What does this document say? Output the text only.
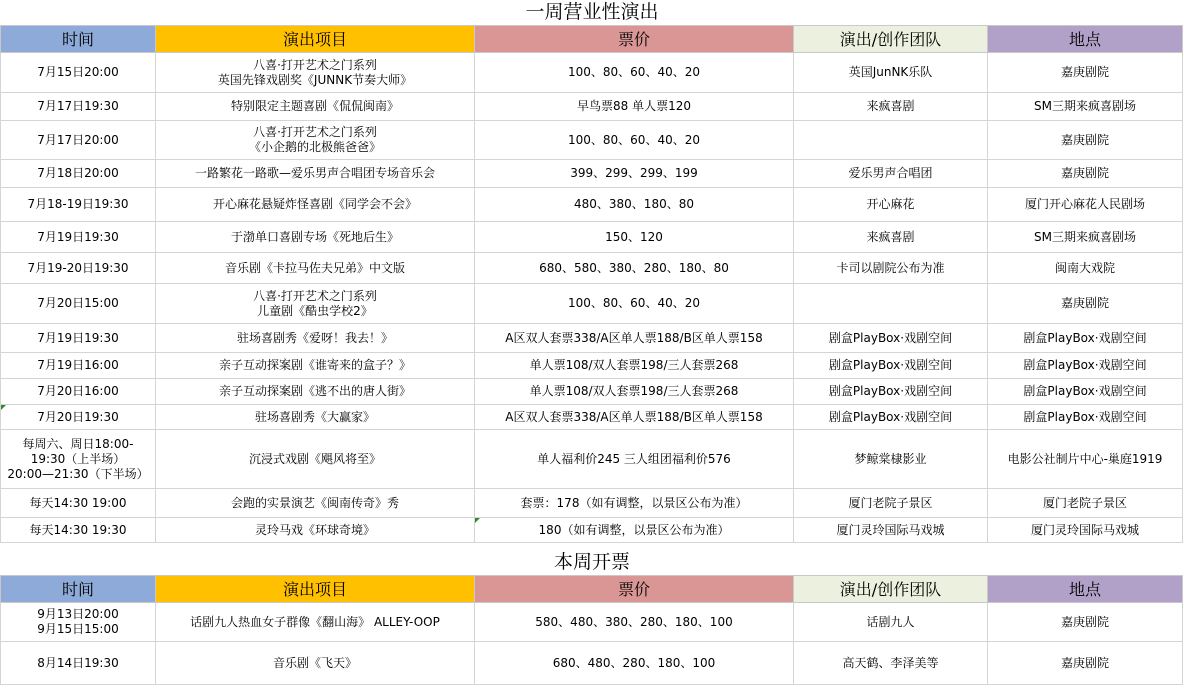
一周营业性演出
时间	演出项目	票价	演出/创作团队	地点

7月15日20:00	八喜·打开艺术之门系列
英国先锋戏剧奖《JUNNK节奏大师》	100、80、60、40、20	英国JunNK乐队	嘉庚剧院

7月17日19:30	特别限定主题喜剧《侃侃闽南》	早鸟票88 单人票120	来疯喜剧	SM三期来疯喜剧场

7月17日20:00	八喜·打开艺术之门系列
《小企鹅的北极熊爸爸》	100、80、60、40、20		嘉庚剧院

7月18日20:00	一路繁花一路歌—爱乐男声合唱团专场音乐会	399、299、299、199	爱乐男声合唱团	嘉庚剧院

7月18-19日19:30	开心麻花悬疑炸怪喜剧《同学会不会》	480、380、180、80	开心麻花	厦门开心麻花人民剧场

7月19日19:30	于渤单口喜剧专场《死地后生》	150、120	来疯喜剧	SM三期来疯喜剧场

7月19-20日19:30	音乐剧《卡拉马佐夫兄弟》中文版	680、580、380、280、180、80	卡司以剧院公布为准	闽南大戏院

7月20日15:00	八喜·打开艺术之门系列
儿童剧《酷虫学校2》	100、80、60、40、20		嘉庚剧院

7月19日19:30	驻场喜剧秀《爱呀！我去！》	A区双人套票338/A区单人票188/B区单人票158	剧盒PlayBox·戏剧空间	剧盒PlayBox·戏剧空间

7月19日16:00	亲子互动探案剧《谁寄来的盒子？》	单人票108/双人套票198/三人套票268	剧盒PlayBox·戏剧空间	剧盒PlayBox·戏剧空间

7月20日16:00	亲子互动探案剧《逃不出的唐人街》	单人票108/双人套票198/三人套票268	剧盒PlayBox·戏剧空间	剧盒PlayBox·戏剧空间

7月20日19:30	驻场喜剧秀《大赢家》	A区双人套票338/A区单人票188/B区单人票158	剧盒PlayBox·戏剧空间	剧盒PlayBox·戏剧空间

每周六、周日18:00-
19:30（上半场）
20:00—21:30（下半场）	沉浸式戏剧《飓风将至》	单人福利价245 三人组团福利价576	梦鲸棠棣影业	电影公社制片中心-巢庭1919

每天14:30 19:00	会跑的实景演艺《闽南传奇》秀	套票：178（如有调整，以景区公布为准）	厦门老院子景区	厦门老院子景区

每天14:30 19:30	灵玲马戏《环球奇境》	180（如有调整，以景区公布为准）	厦门灵玲国际马戏城	厦门灵玲国际马戏城
本周开票
时间	演出项目	票价	演出/创作团队	地点

9月13日20:00
9月15日15:00	话剧九人热血女子群像《翻山海》 ALLEY-OOP	580、480、380、280、180、100	话剧九人	嘉庚剧院

8月14日19:30	音乐剧《飞天》	680、480、280、180、100	高天鹤、李泽美等	嘉庚剧院
